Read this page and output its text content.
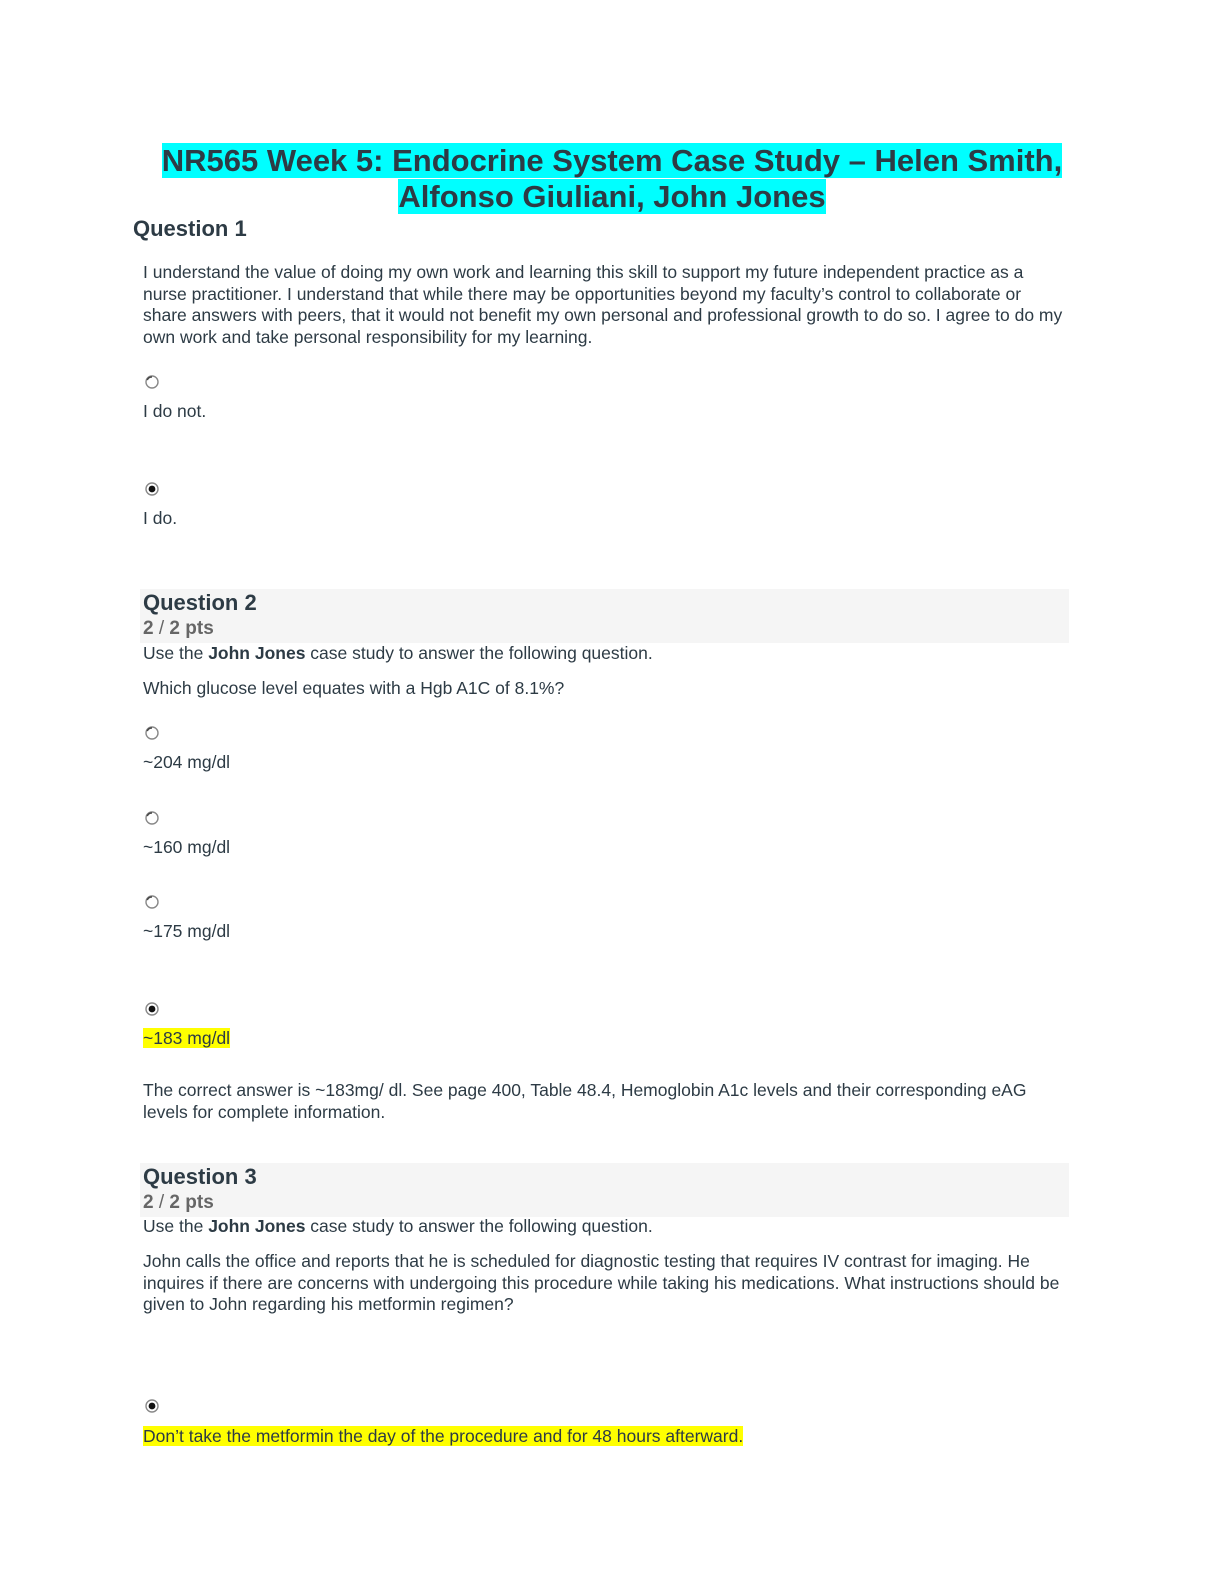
NR565 Week 5: Endocrine System Case Study – Helen Smith,
Alfonso Giuliani, John Jones
Question 1
I understand the value of doing my own work and learning this skill to support my future independent practice as a nurse practitioner. I understand that while there may be opportunities beyond my faculty’s control to collaborate or share answers with peers, that it would not benefit my own personal and professional growth to do so. I agree to do my own work and take personal responsibility for my learning.
I do not.
I do.
Question 2
2 / 2 pts
Use the John Jones case study to answer the following question.
Which glucose level equates with a Hgb A1C of 8.1%?
~204 mg/dl
~160 mg/dl
~175 mg/dl
~183 mg/dl
The correct answer is ~183mg/ dl. See page 400, Table 48.4, Hemoglobin A1c levels and their corresponding eAG levels for complete information.
Question 3
2 / 2 pts
Use the John Jones case study to answer the following question.
John calls the office and reports that he is scheduled for diagnostic testing that requires IV contrast for imaging. He inquires if there are concerns with undergoing this procedure while taking his medications. What instructions should be given to John regarding his metformin regimen?
Don’t take the metformin the day of the procedure and for 48 hours afterward.
